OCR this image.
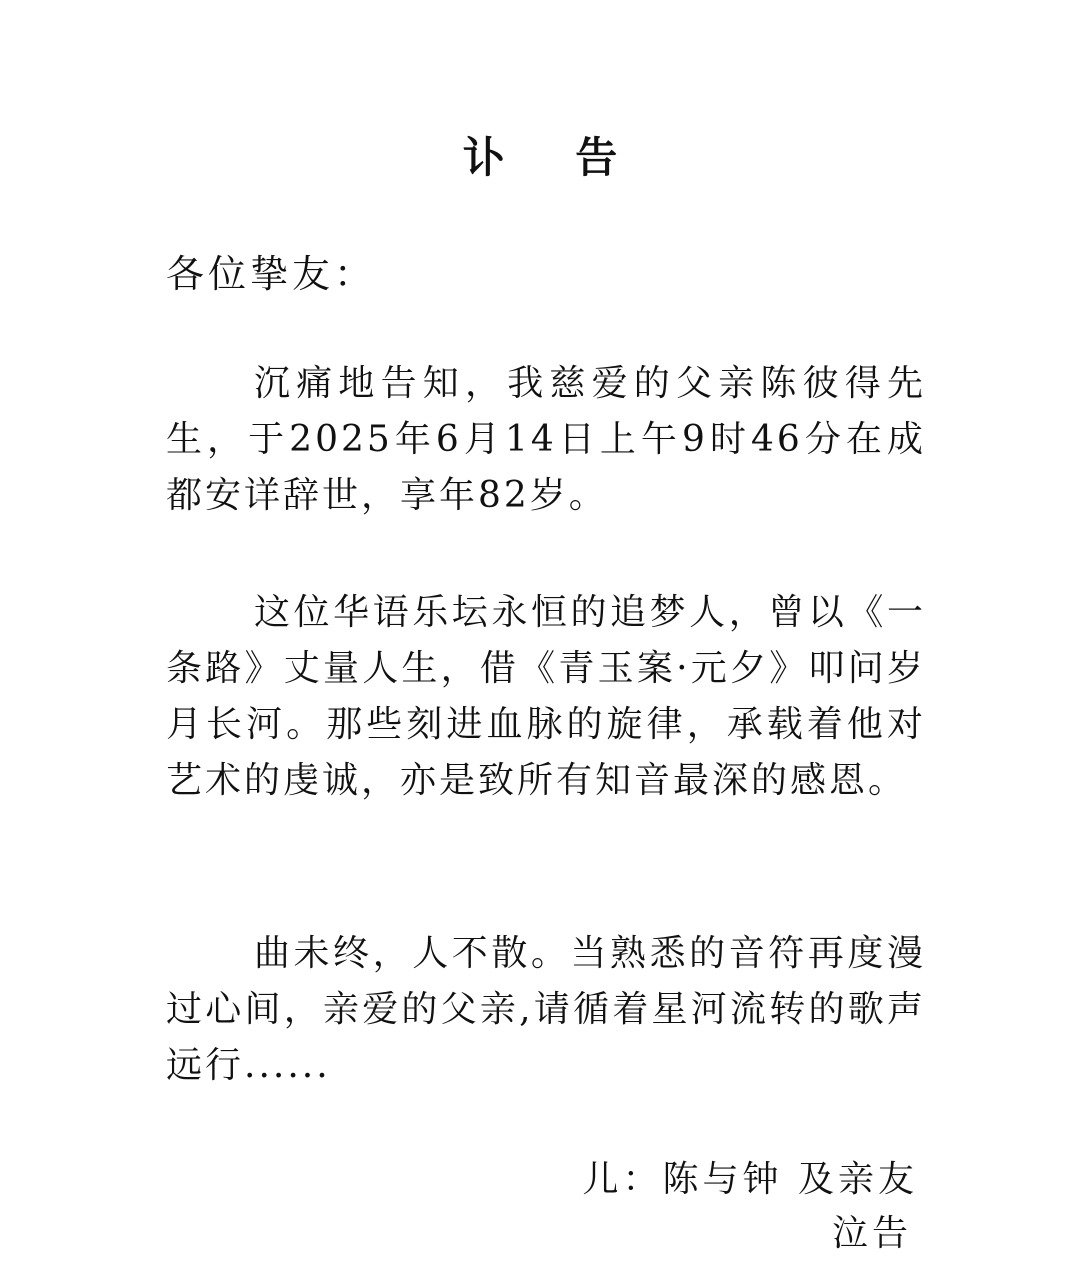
讣 告
各位挚友：
沉痛地告知，我慈爱的父亲陈彼得先生，于2025年6月14日上午9时46分在成都安详辞世，享年82岁。
这位华语乐坛永恒的追梦人，曾以《一条路》丈量人生，借《青玉案·元夕》叩问岁月长河。那些刻进血脉的旋律，承载着他对艺术的虔诚，亦是致所有知音最深的感恩。
曲未终，人不散。当熟悉的音符再度漫过心间，亲爱的父亲,请循着星河流转的歌声远行......
儿：陈与钟 及亲友
泣告
